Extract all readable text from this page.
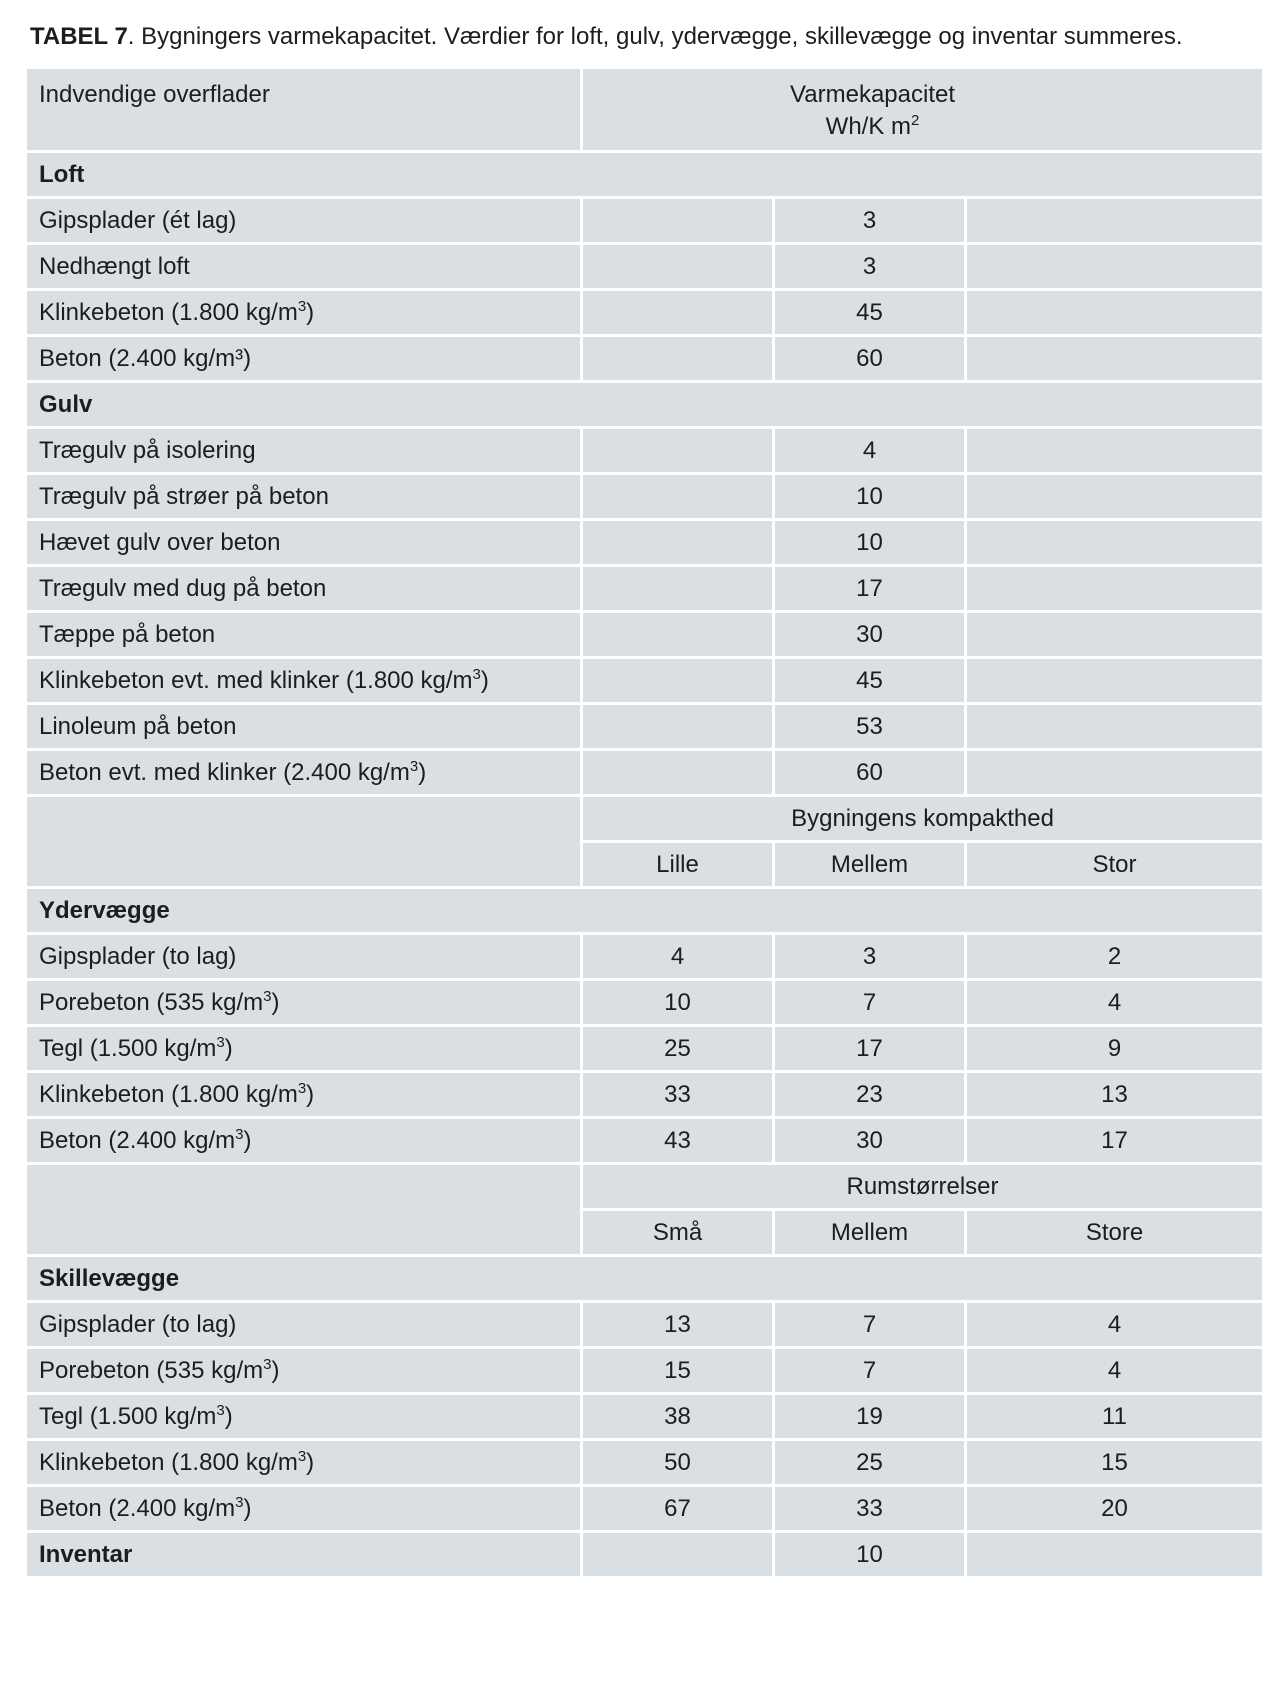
TABEL 7. Bygningers varmekapacitet. Værdier for loft, gulv, ydervægge, skillevægge og inventar summeres.
Indvendige overflader	Varmekapacitet
Wh/K $m^2$
Loft			
Gipsplader (ét lag)		3	
Nedhængt loft		3	
Klinkebeton (1.800 $kg/m^3$)		45	
Beton (2.400 kg/m³)		60	
Gulv			
Trægulv på isolering		4	
Trægulv på strøer på beton		10	
Hævet gulv over beton		10	
Trægulv med dug på beton		17	
Tæppe på beton		30	
Klinkebeton evt. med klinker (1.800 $kg/m^3$)		45	
Linoleum på beton		53	
Beton evt. med klinker (2.400 $kg/m^3$)		60	
	Bygningens kompakthed		
	Lille	Mellem	Stor
Ydervægge			
Gipsplader (to lag)	4	3	2
Porebeton (535 $kg/m^3$)	10	7	4
Tegl (1.500 $kg/m^3$)	25	17	9
Klinkebeton (1.800 $kg/m^3$)	33	23	13
Beton (2.400 $kg/m^3$)	43	30	17
	Rumstørrelser		
	Små	Mellem	Store
Skillevægge			
Gipsplader (to lag)	13	7	4
Porebeton (535 $kg/m^3$)	15	7	4
Tegl (1.500 $kg/m^3$)	38	19	11
Klinkebeton (1.800 $kg/m^3$)	50	25	15
Beton (2.400 $kg/m^3$)	67	33	20
Inventar		10	
